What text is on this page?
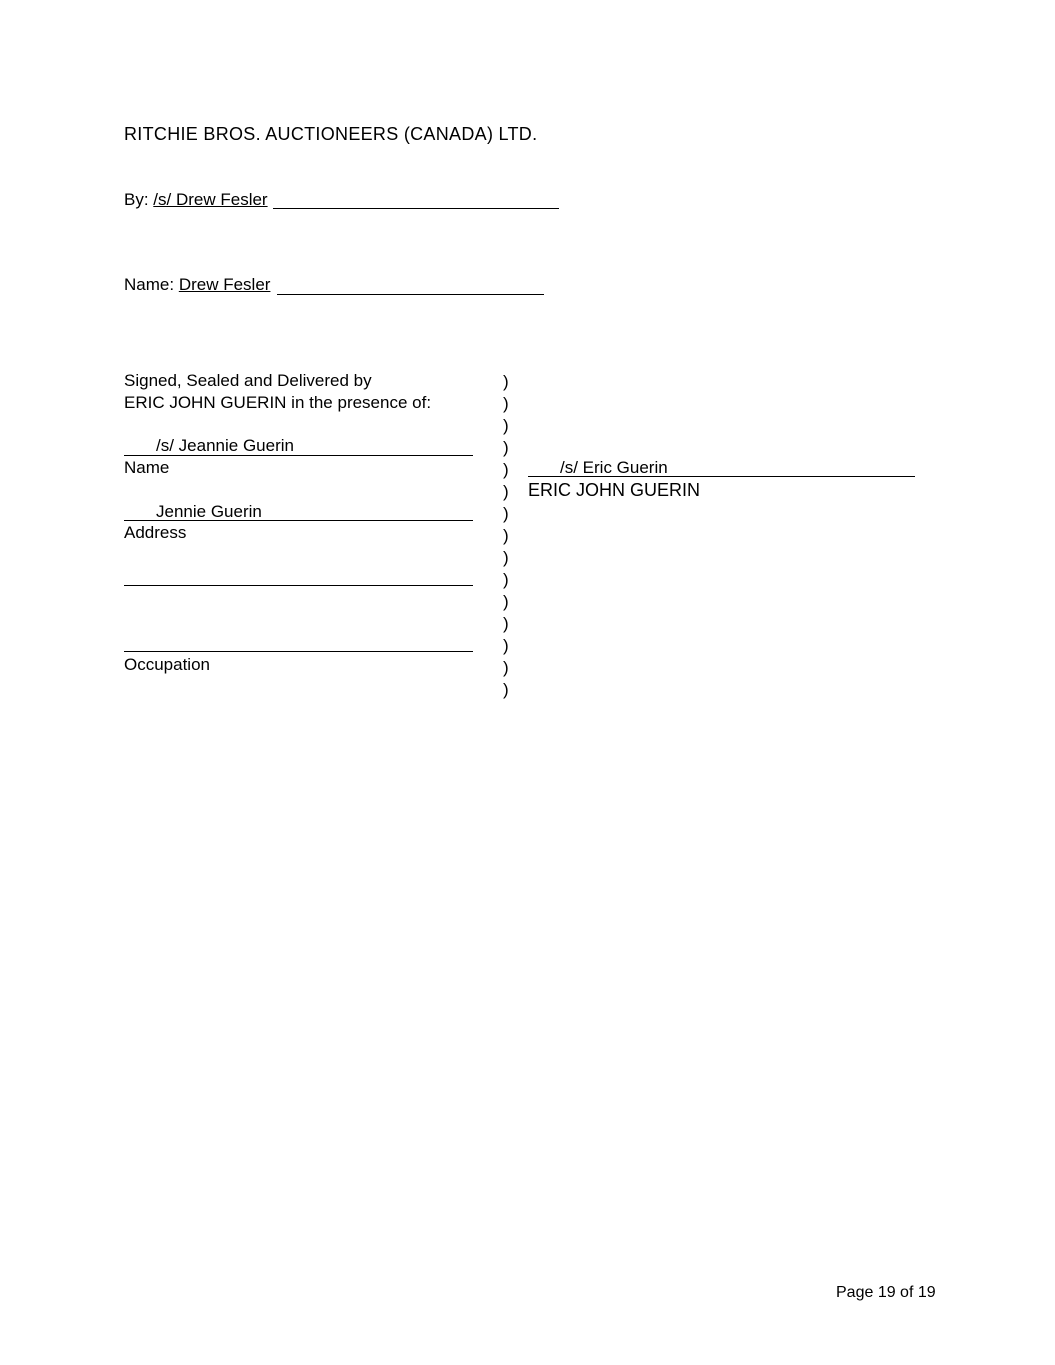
RITCHIE BROS. AUCTIONEERS (CANADA) LTD.
By: /s/ Drew Fesler
Name: Drew Fesler
Signed, Sealed and Delivered by
ERIC JOHN GUERIN in the presence of:
/s/ Jeannie Guerin
Name
Jennie Guerin
Address
Occupation
)
)
)
)
)
)
)
)
)
)
)
)
)
)
)
/s/ Eric Guerin
ERIC JOHN GUERIN
Page 19 of 19
